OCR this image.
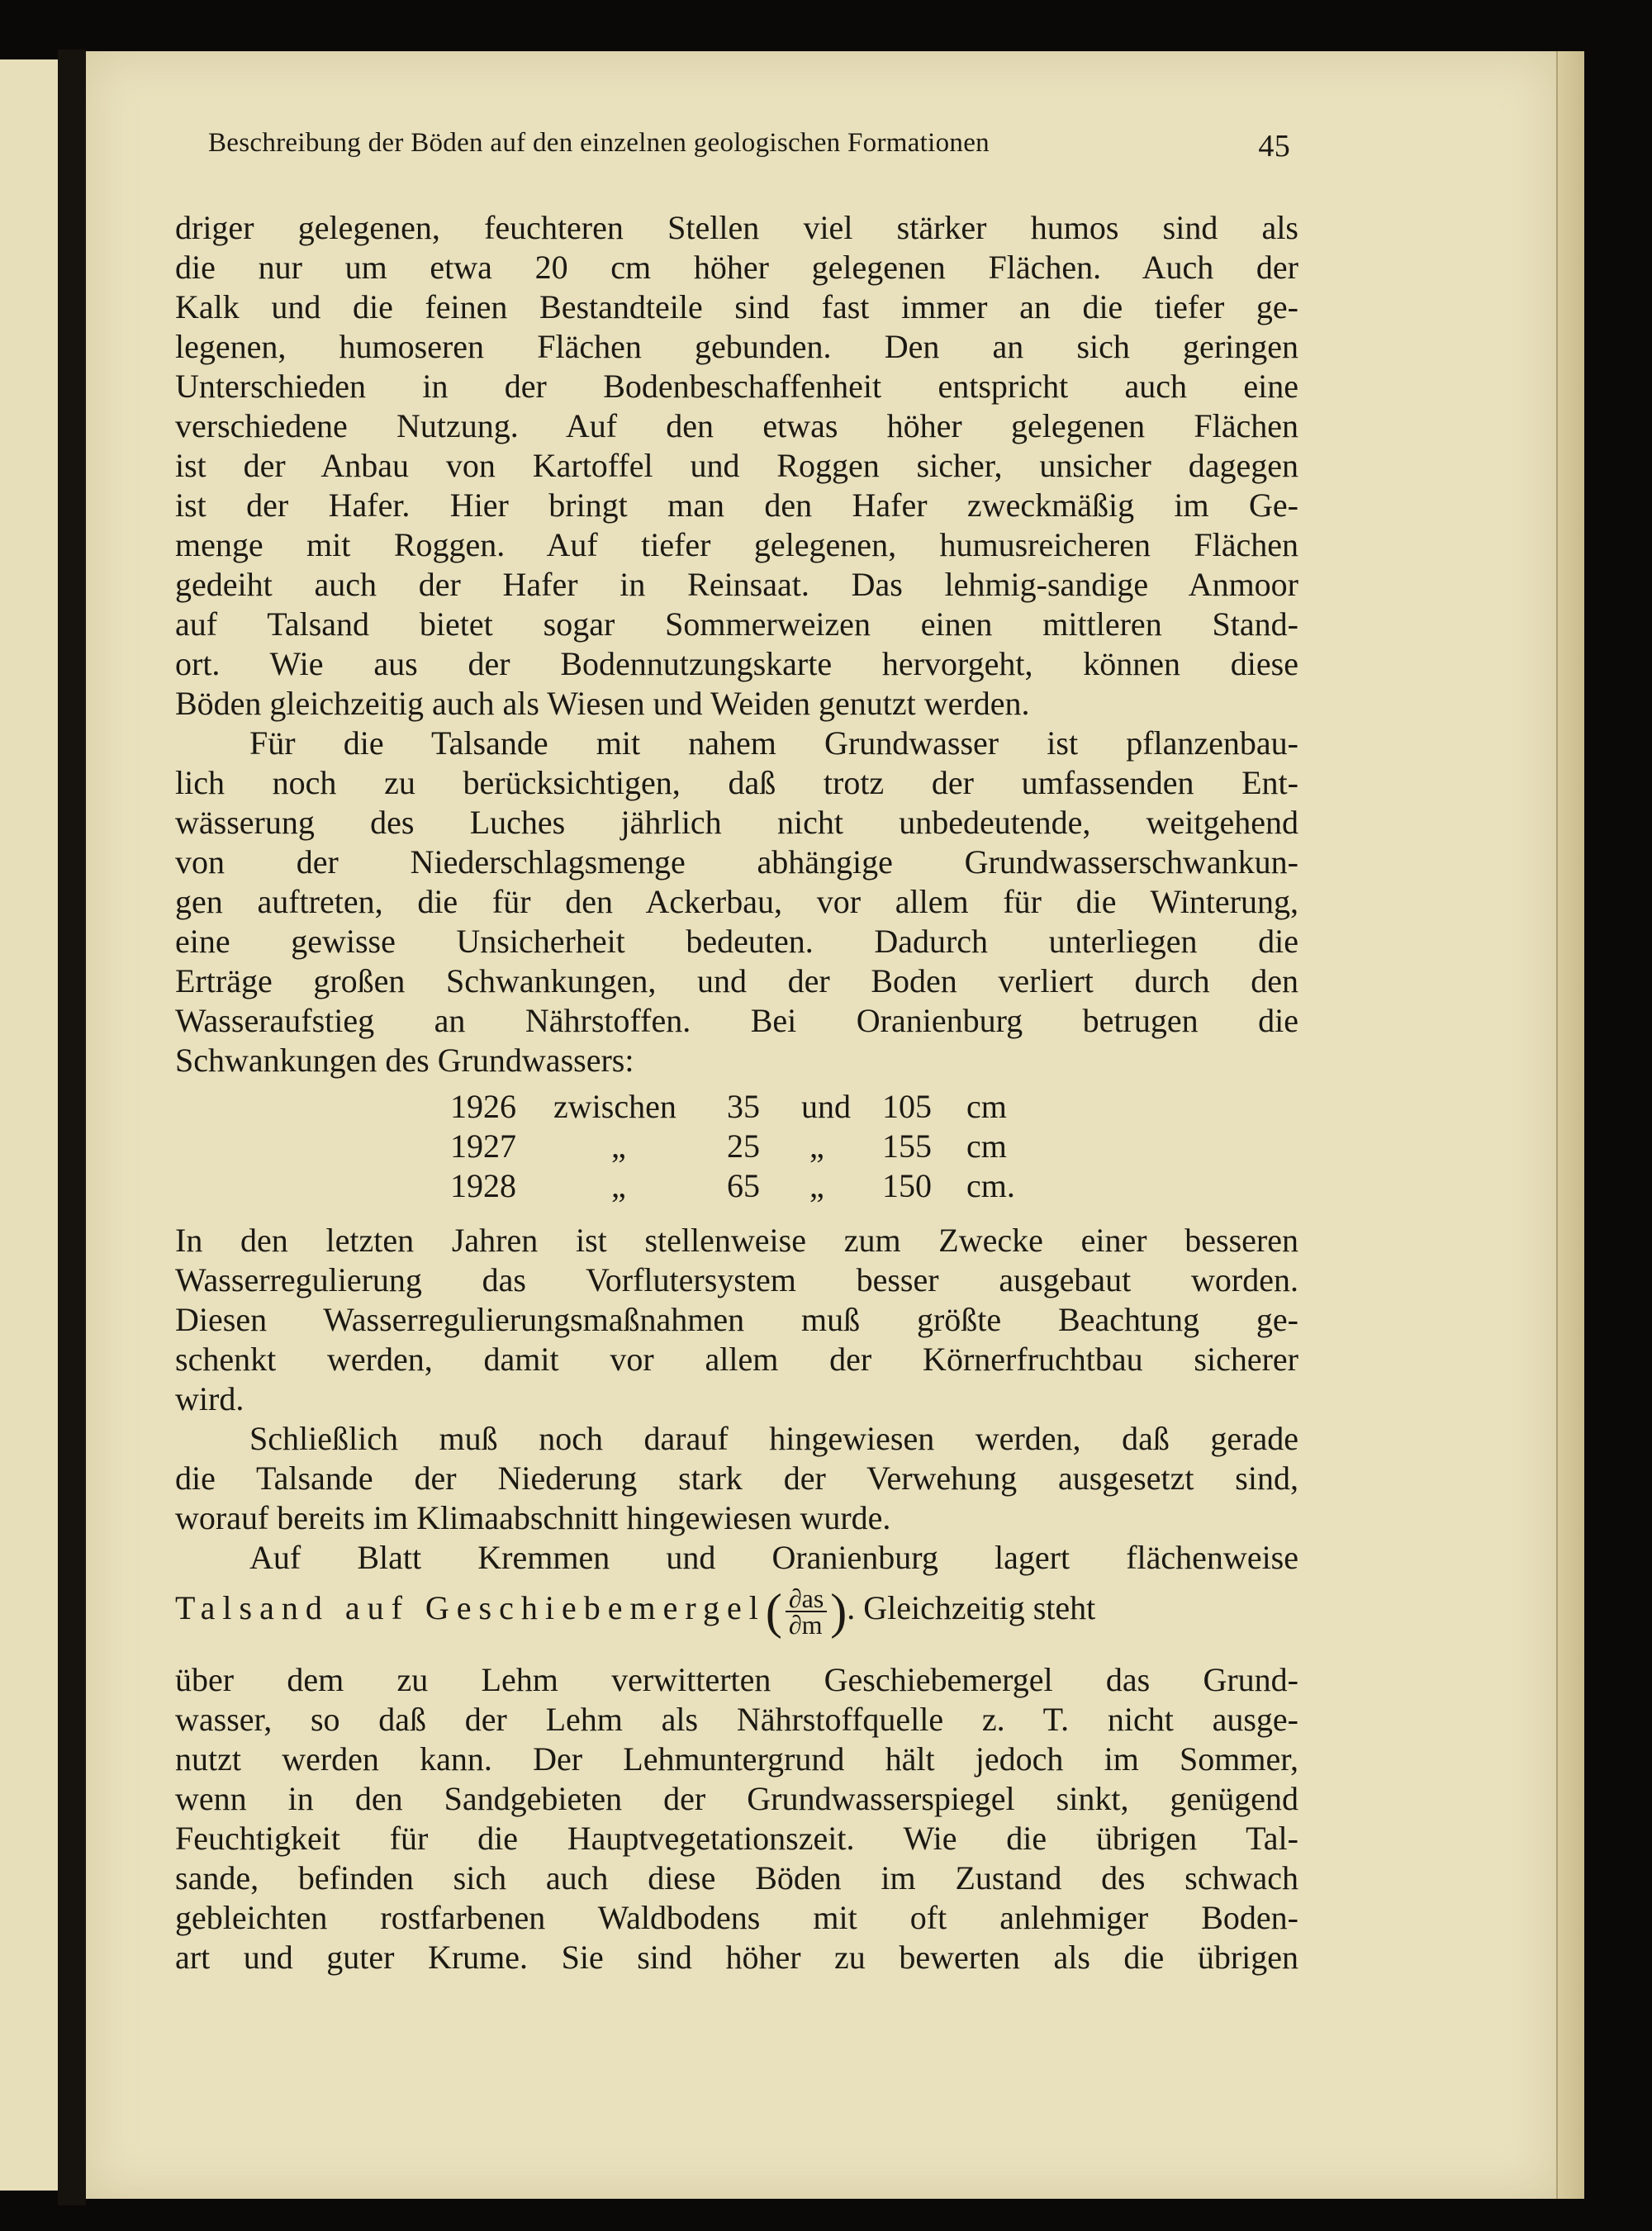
Beschreibung der Böden auf den einzelnen geologischen Formationen	45
driger gelegenen, feuchteren Stellen viel stärker humos sind als
die nur um etwa 20 cm höher gelegenen Flächen. Auch der
Kalk und die feinen Bestandteile sind fast immer an die tiefer ge-
legenen, humoseren Flächen gebunden. Den an sich geringen
Unterschieden in der Bodenbeschaffenheit entspricht auch eine
verschiedene Nutzung. Auf den etwas höher gelegenen Flächen
ist der Anbau von Kartoffel und Roggen sicher, unsicher dagegen
ist der Hafer. Hier bringt man den Hafer zweckmäßig im Ge-
menge mit Roggen. Auf tiefer gelegenen, humusreicheren Flächen
gedeiht auch der Hafer in Reinsaat. Das lehmig-sandige Anmoor
auf Talsand bietet sogar Sommerweizen einen mittleren Stand-
ort. Wie aus der Bodennutzungskarte hervorgeht, können diese
Böden gleichzeitig auch als Wiesen und Weiden genutzt werden.
Für die Talsande mit nahem Grundwasser ist pflanzenbau-
lich noch zu berücksichtigen, daß trotz der umfassenden Ent-
wässerung des Luches jährlich nicht unbedeutende, weitgehend
von der Niederschlagsmenge abhängige Grundwasserschwankun-
gen auftreten, die für den Ackerbau, vor allem für die Winterung,
eine gewisse Unsicherheit bedeuten. Dadurch unterliegen die
Erträge großen Schwankungen, und der Boden verliert durch den
Wasseraufstieg an Nährstoffen. Bei Oranienburg betrugen die
Schwankungen des Grundwassers:
1926 zwischen 35 und 105 cm
1927	„	25 „ 155 cm
1928	„	65 „ 150 cm.
In den letzten Jahren ist stellenweise zum Zwecke einer besseren
Wasserregulierung das Vorflutersystem besser ausgebaut worden.
Diesen Wasserregulierungsmaßnahmen muß größte Beachtung ge-
schenkt werden, damit vor allem der Körnerfruchtbau sicherer
wird.
Schließlich muß noch darauf hingewiesen werden, daß gerade
die Talsande der Niederung stark der Verwehung ausgesetzt sind,
worauf bereits im Klimaabschnitt hingewiesen wurde.
Auf Blatt Kremmen und Oranienburg lagert flächenweise
Talsand auf Geschiebemergel( $\frac{\partial as}{\partial m}$ ). Gleichzeitig steht
über dem zu Lehm verwitterten Geschiebemergel das Grund-
wasser, so daß der Lehm als Nährstoffquelle z. T. nicht ausge-
nutzt werden kann. Der Lehmuntergrund hält jedoch im Sommer,
wenn in den Sandgebieten der Grundwasserspiegel sinkt, genügend
Feuchtigkeit für die Hauptvegetationszeit. Wie die übrigen Tal-
sande, befinden sich auch diese Böden im Zustand des schwach
gebleichten rostfarbenen Waldbodens mit oft anlehmiger Boden-
art und guter Krume. Sie sind höher zu bewerten als die übrigen
